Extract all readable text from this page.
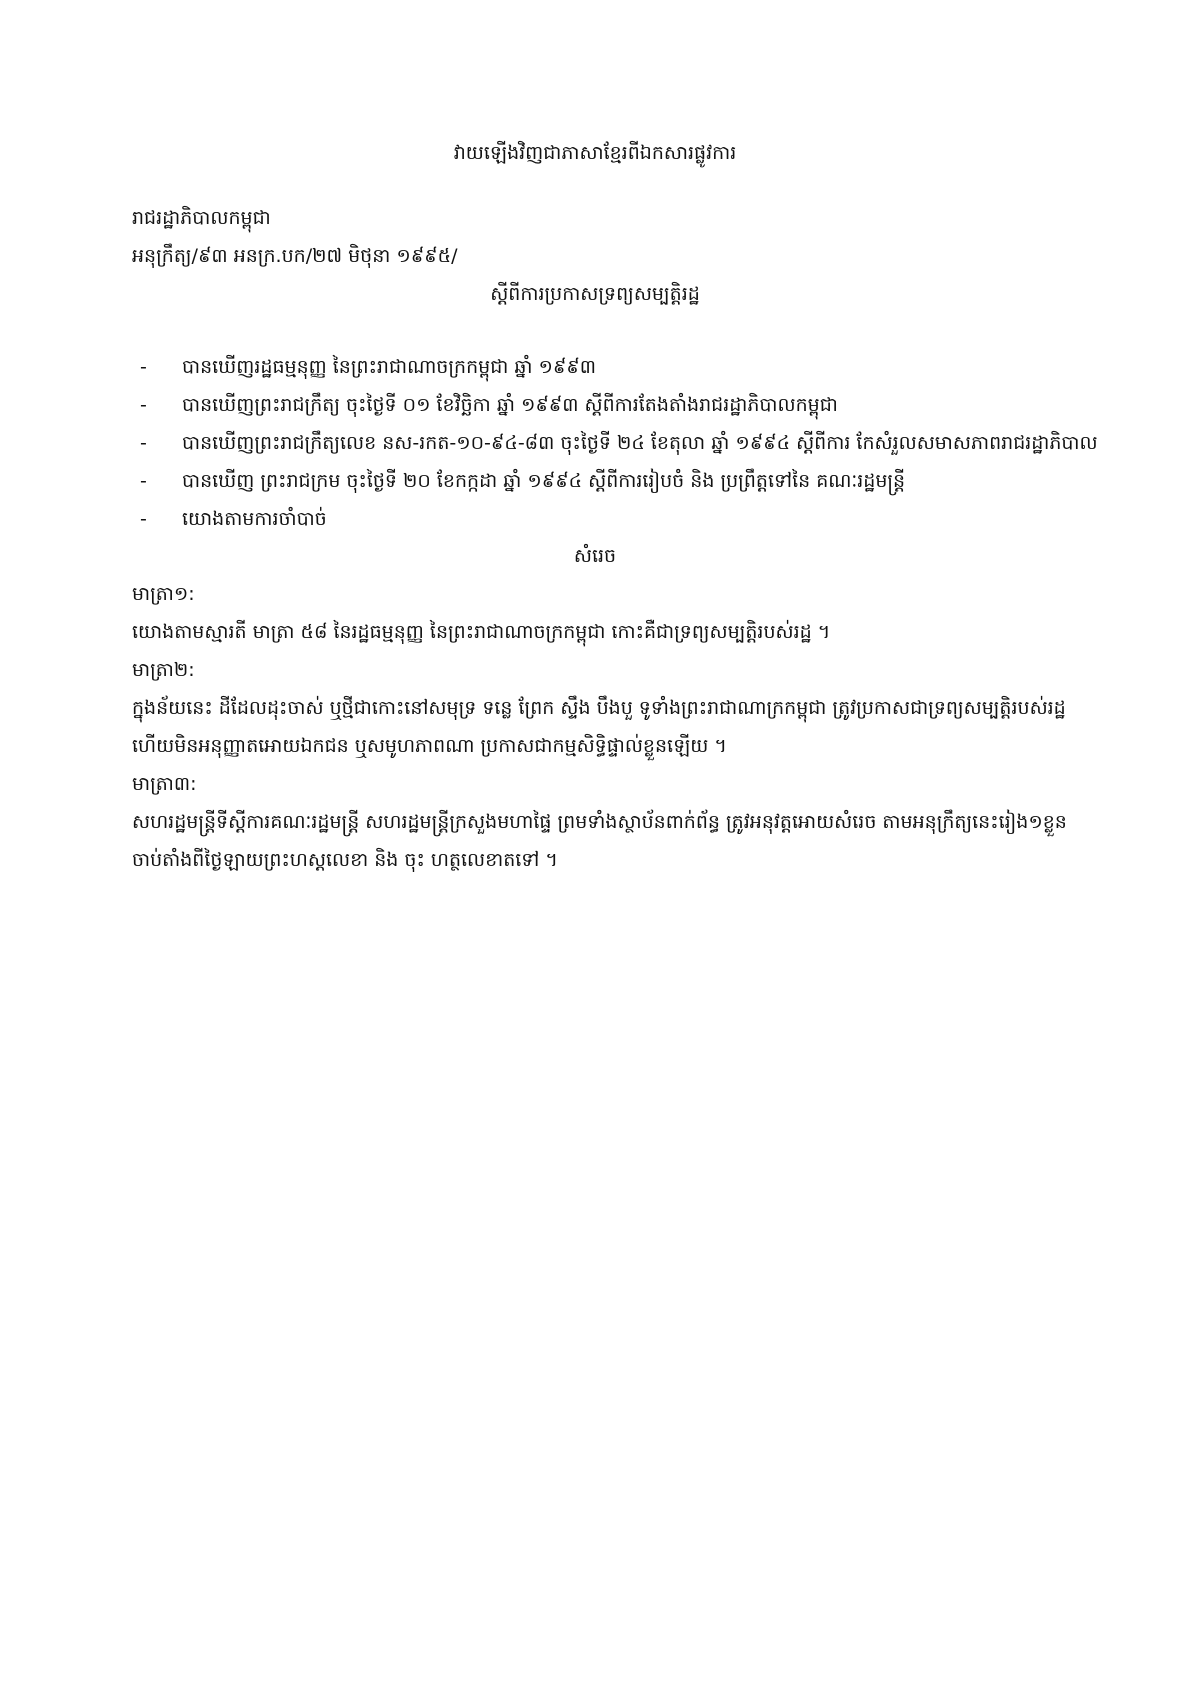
វាយឡើងវិញជាភាសាខ្មែរពីឯកសារផ្លូវការ
រាជរដ្ឋាភិបាលកម្ពុជា
អនុក្រឹត្យ/៩៣ អនក្រ.បក/២៧ មិថុនា ១៩៩៥/
ស្តីពីការប្រកាសទ្រព្យសម្បត្តិរដ្ឋ
- បានឃើញរដ្ឋធម្មនុញ្ញ នៃព្រះរាជាណាចក្រកម្ពុជា ឆ្នាំ ១៩៩៣
- បានឃើញព្រះរាជក្រឹត្យ ចុះថ្ងៃទី ០១ ខែវិច្ឆិកា ឆ្នាំ ១៩៩៣ ស្តីពីការតែងតាំងរាជរដ្ឋាភិបាលកម្ពុជា
- បានឃើញព្រះរាជក្រឹត្យលេខ នស-រកត-១០-៩៤-៨៣ ចុះថ្ងៃទី ២៤ ខែតុលា ឆ្នាំ ១៩៩៤ ស្តីពីការ កែសំរួលសមាសភាពរាជរដ្ឋាភិបាល
- បានឃើញ ព្រះរាជក្រម ចុះថ្ងៃទី ២០ ខែកក្កដា ឆ្នាំ ១៩៩៤ ស្តីពីការរៀបចំ និង ប្រព្រឹត្តទៅនៃ គណៈរដ្ឋមន្ត្រី
- យោងតាមការចាំបាច់
សំរេច
មាត្រា១:
យោងតាមស្មារតី មាត្រា ៥៨ នៃរដ្ឋធម្មនុញ្ញ នៃព្រះរាជាណាចក្រកម្ពុជា កោះគឺជាទ្រព្យសម្បត្តិរបស់រដ្ឋ ។
មាត្រា២:
ក្នុងន័យនេះ ដីដែលដុះចាស់ ឬថ្មីជាកោះនៅសមុទ្រ ទន្លេ ព្រែក ស្ទឹង បឹងបួ ទូទាំងព្រះរាជាណាក្រកម្ពុជា ត្រូវប្រកាសជាទ្រព្យសម្បត្តិរបស់រដ្ឋ
ហើយមិនអនុញ្ញាតអោយឯកជន ឬសមូហភាពណា ប្រកាសជាកម្មសិទ្ធិផ្ទាល់ខ្លួនឡើយ ។
មាត្រា៣:
សហរដ្ឋមន្ត្រីទីស្តីការគណៈរដ្ឋមន្ត្រី សហរដ្ឋមន្ត្រីក្រសួងមហាផ្ទៃ ព្រមទាំងស្ថាប័នពាក់ព័ន្ធ ត្រូវអនុវត្តអោយសំរេច តាមអនុក្រឹត្យនេះរៀង១ខ្លួន
ចាប់តាំងពីថ្ងៃឡាយព្រះហស្តលេខា និង ចុះ ហត្ថលេខាតទៅ ។
